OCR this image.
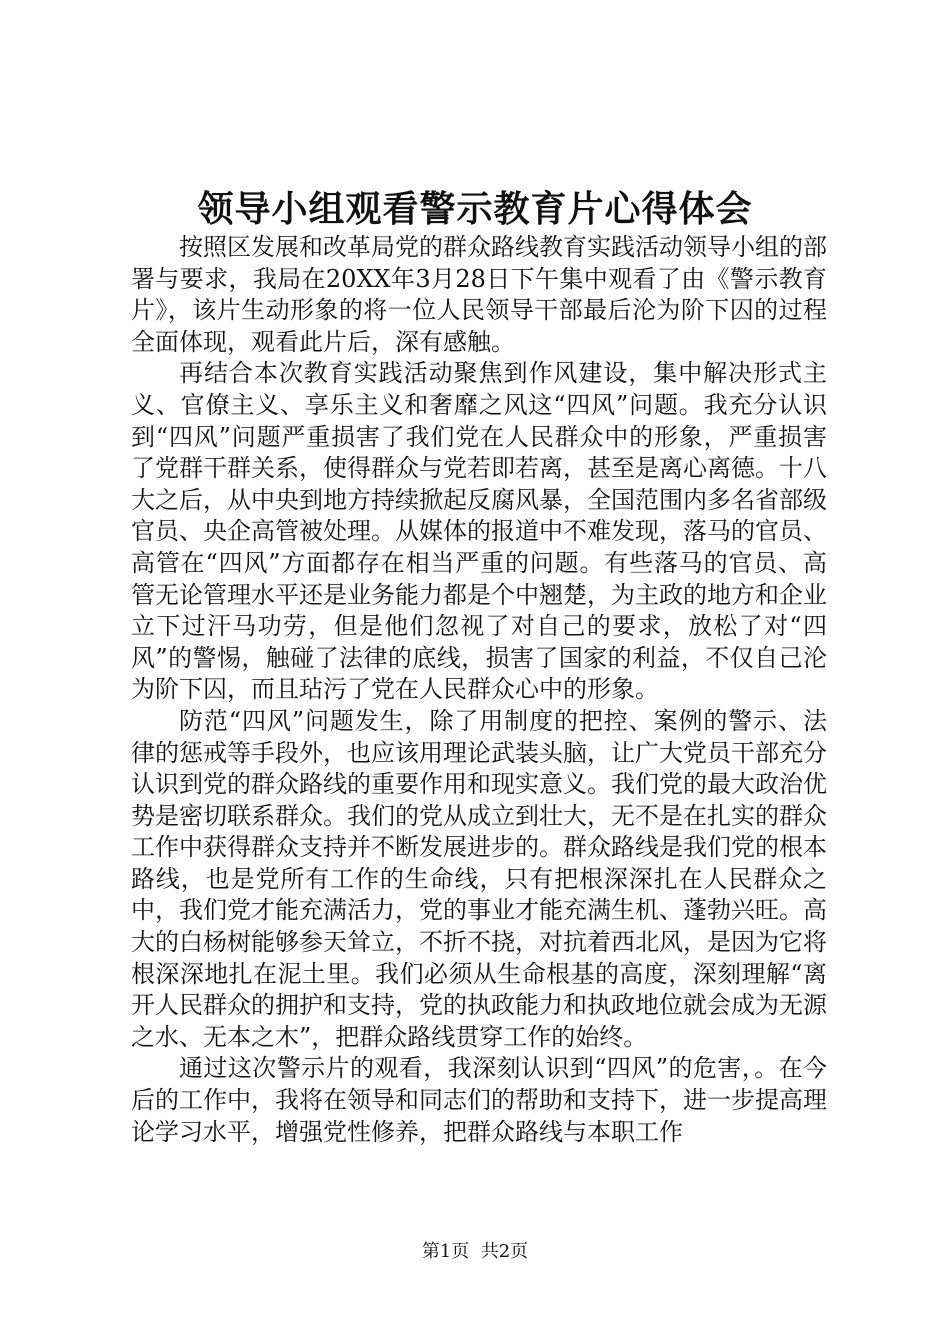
领导小组观看警示教育片心得体会

按照区发展和改革局党的群众路线教育实践活动领导小组的部署与要求，我局在20XX年3月28日下午集中观看了由《警示教育片》，该片生动形象的将一位人民领导干部最后沦为阶下囚的过程全面体现，观看此片后，深有感触。

再结合本次教育实践活动聚焦到作风建设，集中解决形式主义、官僚主义、享乐主义和奢靡之风这“四风”问题。我充分认识到“四风”问题严重损害了我们党在人民群众中的形象，严重损害了党群干群关系，使得群众与党若即若离，甚至是离心离德。十八大之后，从中央到地方持续掀起反腐风暴，全国范围内多名省部级官员、央企高管被处理。从媒体的报道中不难发现，落马的官员、高管在“四风”方面都存在相当严重的问题。有些落马的官员、高管无论管理水平还是业务能力都是个中翘楚，为主政的地方和企业立下过汗马功劳，但是他们忽视了对自己的要求，放松了对“四风”的警惕，触碰了法律的底线，损害了国家的利益，不仅自己沦为阶下囚，而且玷污了党在人民群众心中的形象。

防范“四风”问题发生，除了用制度的把控、案例的警示、法律的惩戒等手段外，也应该用理论武装头脑，让广大党员干部充分认识到党的群众路线的重要作用和现实意义。我们党的最大政治优势是密切联系群众。我们的党从成立到壮大，无不是在扎实的群众工作中获得群众支持并不断发展进步的。群众路线是我们党的根本路线，也是党所有工作的生命线，只有把根深深扎在人民群众之中，我们党才能充满活力，党的事业才能充满生机、蓬勃兴旺。高大的白杨树能够参天耸立，不折不挠，对抗着西北风，是因为它将根深深地扎在泥土里。我们必须从生命根基的高度，深刻理解“离开人民群众的拥护和支持，党的执政能力和执政地位就会成为无源之水、无本之木”，把群众路线贯穿工作的始终。

通过这次警示片的观看，我深刻认识到“四风”的危害，。在今后的工作中，我将在领导和同志们的帮助和支持下，进一步提高理论学习水平，增强党性修养，把群众路线与本职工作

第1页  共2页
